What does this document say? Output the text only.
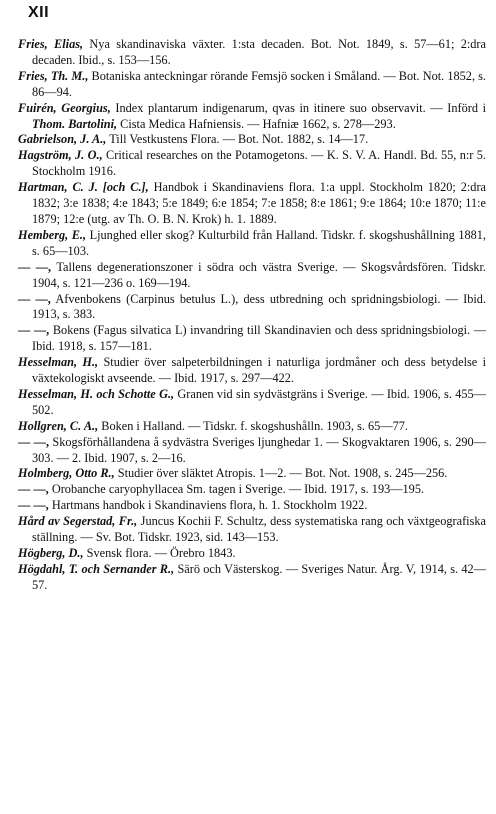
XII

Fries, Elias, Nya skandinaviska växter. 1:sta decaden. Bot. Not. 1849, s. 57—61; 2:dra decaden. Ibid., s. 153—156.

Fries, Th. M., Botaniska anteckningar rörande Femsjö socken i Småland. — Bot. Not. 1852, s. 86—94.

Fuirén, Georgius, Index plantarum indigenarum, qvas in itinere suo observavit. — Införd i Thom. Bartolini, Cista Medica Hafniensis. — Hafniæ 1662, s. 278—293.

Gabrielson, J. A., Till Vestkustens Flora. — Bot. Not. 1882, s. 14—17.

Hagström, J. O., Critical researches on the Potamogetons. — K. S. V. A. Handl. Bd. 55, n:r 5. Stockholm 1916.

Hartman, C. J. [och C.], Handbok i Skandinaviens flora. 1:a uppl. Stockholm 1820; 2:dra 1832; 3:e 1838; 4:e 1843; 5:e 1849; 6:e 1854; 7:e 1858; 8:e 1861; 9:e 1864; 10:e 1870; 11:e 1879; 12:e (utg. av Th. O. B. N. Krok) h. 1. 1889.

Hemberg, E., Ljunghed eller skog? Kulturbild från Halland. Tidskr. f. skogshushållning 1881, s. 65—103.

— —, Tallens degenerationszoner i södra och västra Sverige. — Skogsvårdsfören. Tidskr. 1904, s. 121—236 o. 169—194.

— —, Afvenbokens (Carpinus betulus L.), dess utbredning och spridningsbiologi. — Ibid. 1913, s. 383.

— —, Bokens (Fagus silvatica L) invandring till Skandinavien och dess spridningsbiologi. — Ibid. 1918, s. 157—181.

Hesselman, H., Studier över salpeterbildningen i naturliga jordmåner och dess betydelse i växtekologiskt avseende. — Ibid. 1917, s. 297—422.

Hesselman, H. och Schotte G., Granen vid sin sydvästgräns i Sverige. — Ibid. 1906, s. 455—502.

Hollgren, C. A., Boken i Halland. — Tidskr. f. skogshushålln. 1903, s. 65—77.

— —, Skogsförhållandena å sydvästra Sveriges ljunghedar 1. — Skogvaktaren 1906, s. 290—303. — 2. Ibid. 1907, s. 2—16.

Holmberg, Otto R., Studier över släktet Atropis. 1—2. — Bot. Not. 1908, s. 245—256.

— —, Orobanche caryophyllacea Sm. tagen i Sverige. — Ibid. 1917, s. 193—195.

— —, Hartmans handbok i Skandinaviens flora, h. 1. Stockholm 1922.

Hård av Segerstad, Fr., Juncus Kochii F. Schultz, dess systematiska rang och växtgeografiska ställning. — Sv. Bot. Tidskr. 1923, sid. 143—153.

Högberg, D., Svensk flora. — Örebro 1843.

Högdahl, T. och Sernander R., Särö och Västerskog. — Sveriges Natur. Årg. V, 1914, s. 42—57.
